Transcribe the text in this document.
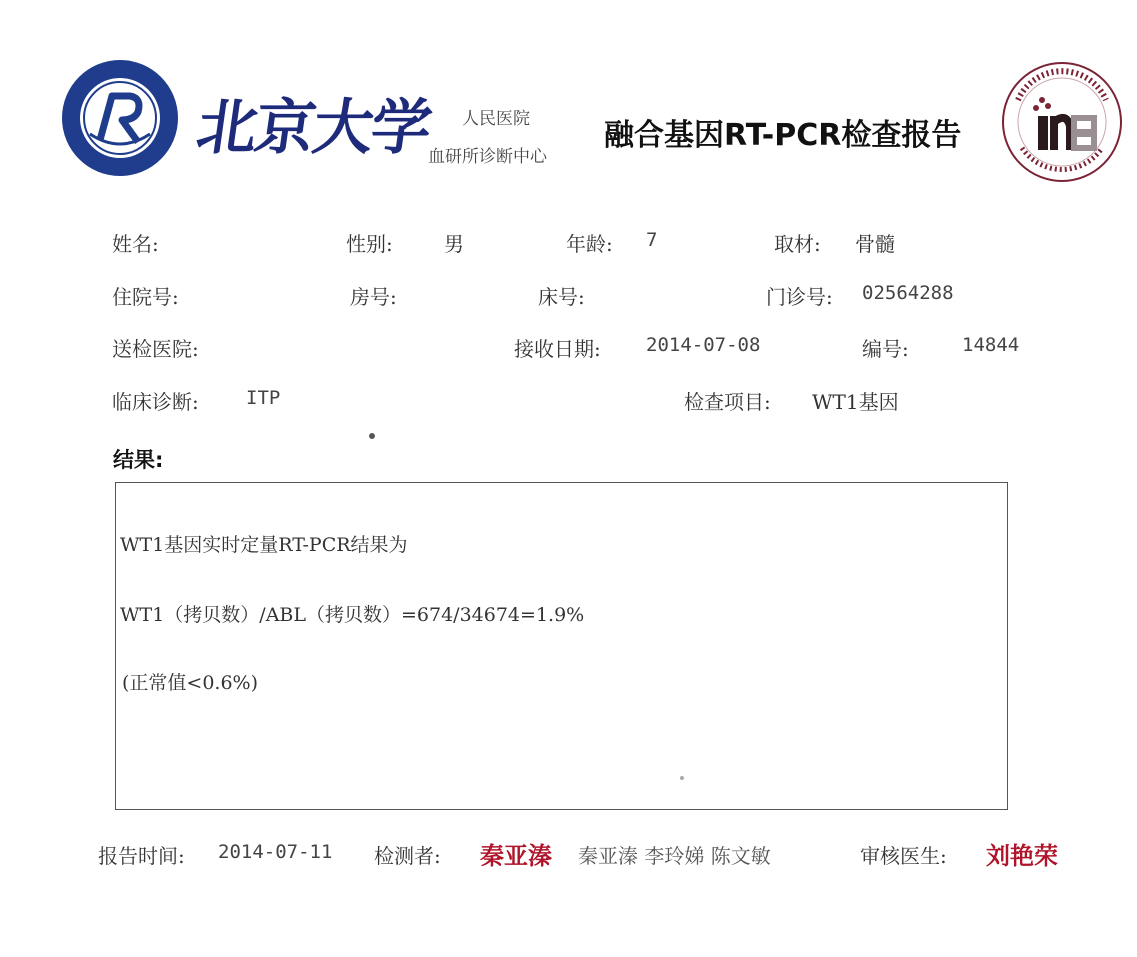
北京大学 人民医院
血研所诊断中心
融合基因RT-PCR检查报告
姓名:	性别:	男	年龄: 7	取材: 骨髓
住院号:	房号:	床号:	门诊号: 02564288
送检医院:	接收日期: 2014-07-08	编号:	14844
临床诊断: ITP	检查项目: WT1基因
结果:
WT1基因实时定量RT-PCR结果为
WT1（拷贝数）/ABL（拷贝数）=674/34674=1.9%
(正常值<0.6%)
报告时间: 2014-07-11 检测者: 秦亚溱 秦亚溱 李玲娣 陈文敏	审核医生: 刘艳荣
